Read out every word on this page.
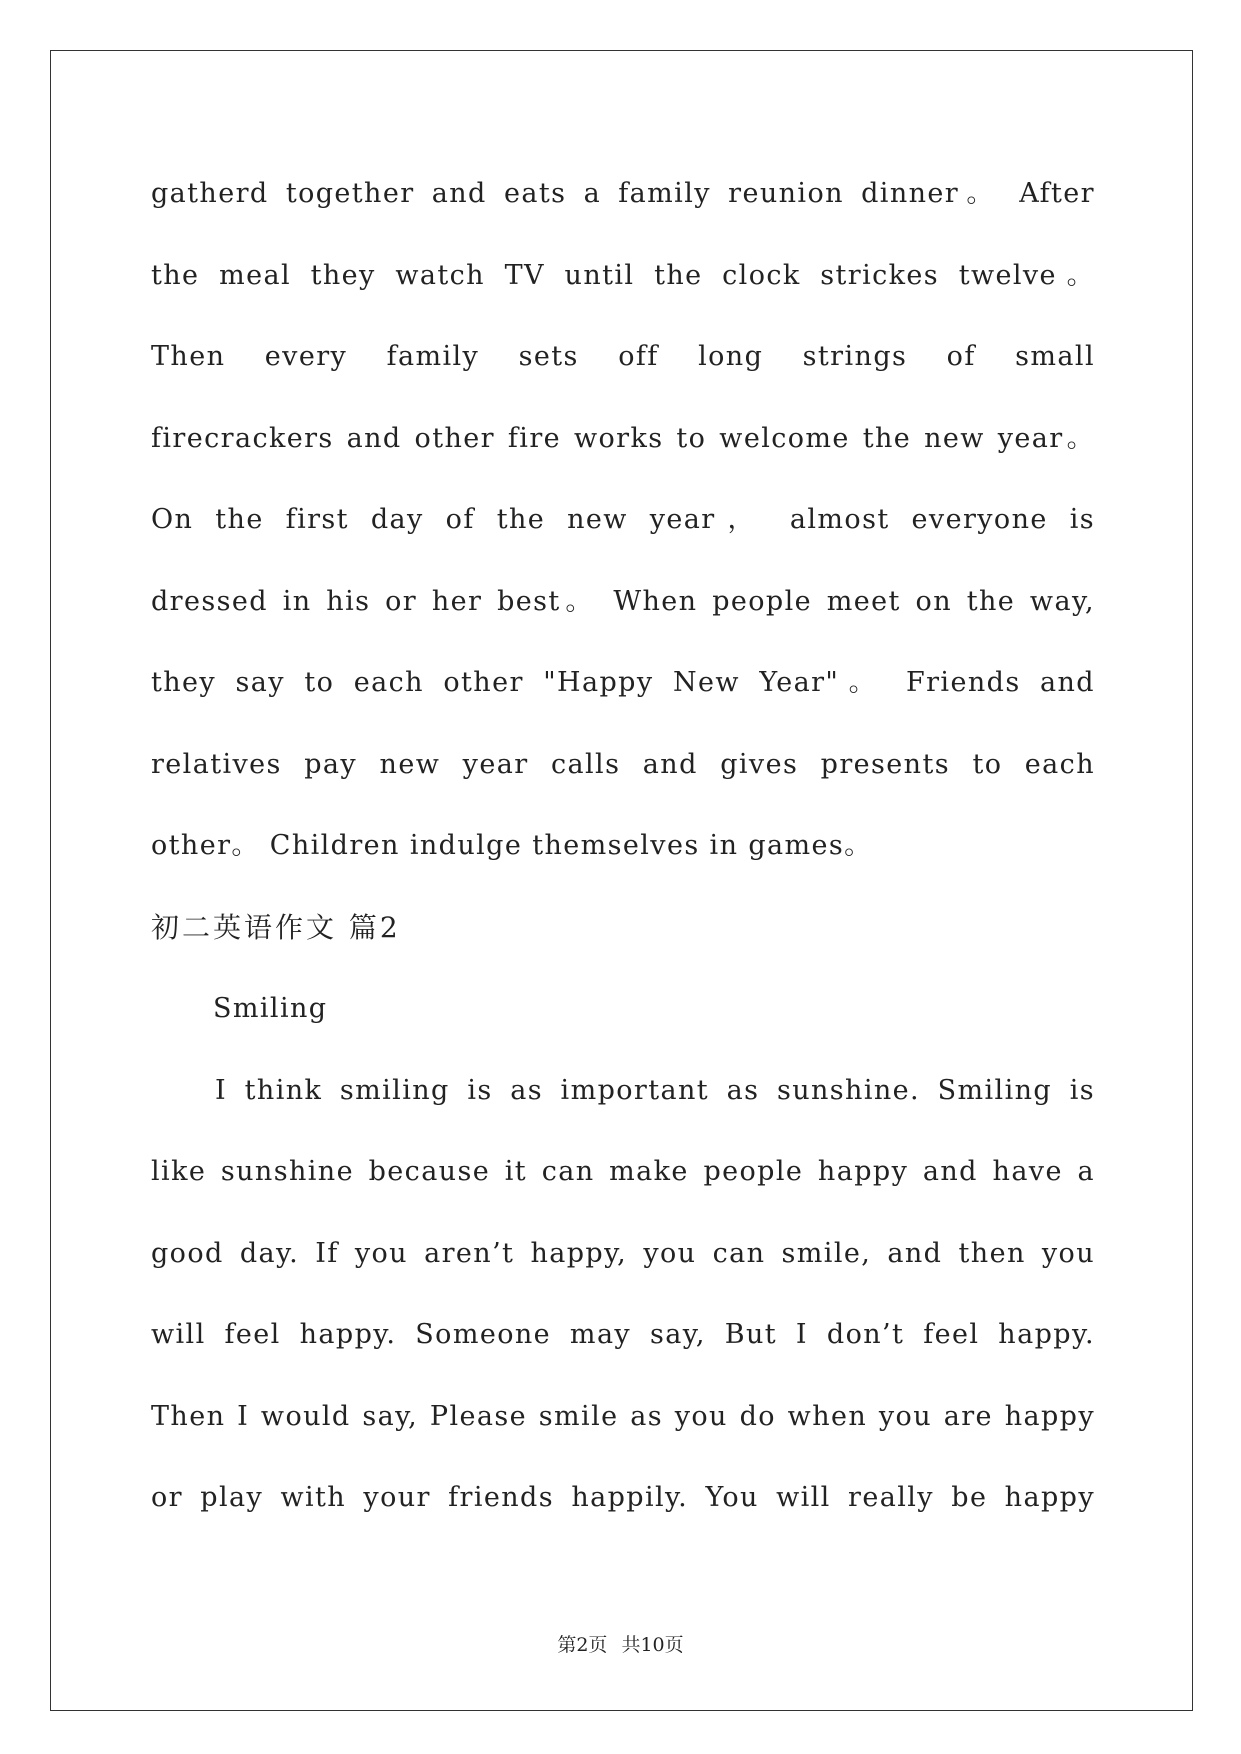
gatherd together and eats a family reunion dinner。 After
the meal they watch TV until the clock strickes twelve。
Then every family sets off long strings of small
firecrackers and other fire works to welcome the new year。
On the first day of the new year， almost everyone is
dressed in his or her best。 When people meet on the way,
they say to each other "Happy New Year"。 Friends and
relatives pay new year calls and gives presents to each
other。 Children indulge themselves in games。
初二英语作文 篇2
Smiling
I think smiling is as important as sunshine. Smiling is
like sunshine because it can make people happy and have a
good day. If you aren’t happy, you can smile, and then you
will feel happy. Someone may say, But I don’t feel happy.
Then I would say, Please smile as you do when you are happy
or play with your friends happily. You will really be happy
第2页 共10页
